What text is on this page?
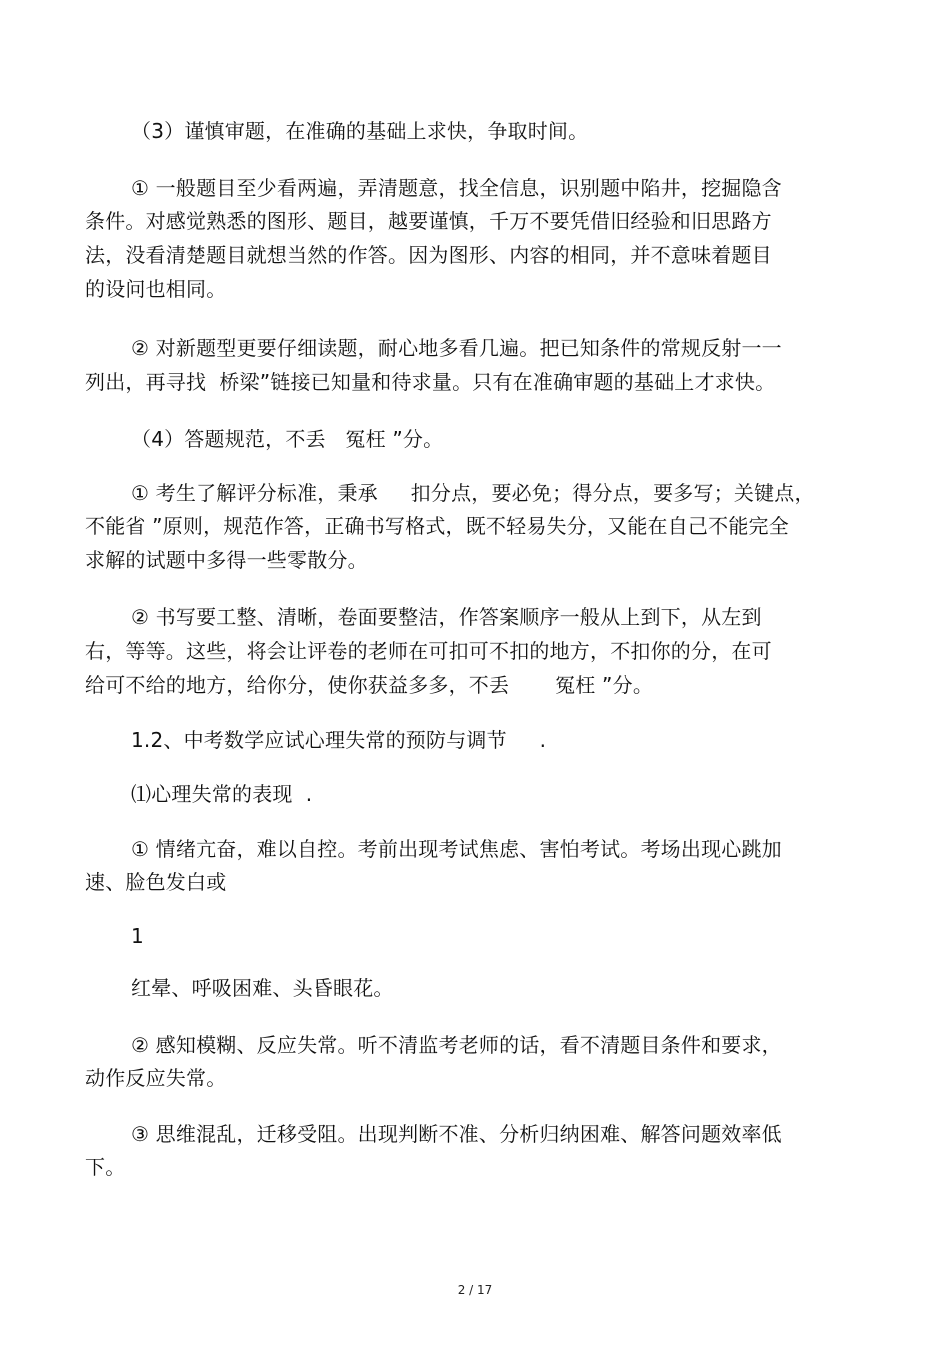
（3）谨慎审题，在准确的基础上求快，争取时间。
① 一般题目至少看两遍，弄清题意，找全信息，识别题中陷井，挖掘隐含
条件。对感觉熟悉的图形、题目，越要谨慎，千万不要凭借旧经验和旧思路方
法，没看清楚题目就想当然的作答。因为图形、内容的相同，并不意味着题目
的设问也相同。
② 对新题型更要仔细读题，耐心地多看几遍。把已知条件的常规反射一一
列出，再寻找  桥梁”链接已知量和待求量。只有在准确审题的基础上才求快。
（4）答题规范，不丢   冤枉 ”分。
① 考生了解评分标准，秉承     扣分点，要必免；得分点，要多写；关键点，
不能省 ”原则，规范作答，正确书写格式，既不轻易失分，又能在自己不能完全
求解的试题中多得一些零散分。
② 书写要工整、清晰，卷面要整洁，作答案顺序一般从上到下，从左到
右，等等。这些，将会让评卷的老师在可扣可不扣的地方，不扣你的分，在可
给可不给的地方，给你分，使你获益多多，不丢       冤枉 ”分。
1.2、中考数学应试心理失常的预防与调节     .
⑴心理失常的表现  .
① 情绪亢奋，难以自控。考前出现考试焦虑、害怕考试。考场出现心跳加
速、脸色发白或
1
红晕、呼吸困难、头昏眼花。
② 感知模糊、反应失常。听不清监考老师的话，看不清题目条件和要求，
动作反应失常。
③ 思维混乱，迁移受阻。出现判断不准、分析归纳困难、解答问题效率低
下。
2 / 17
